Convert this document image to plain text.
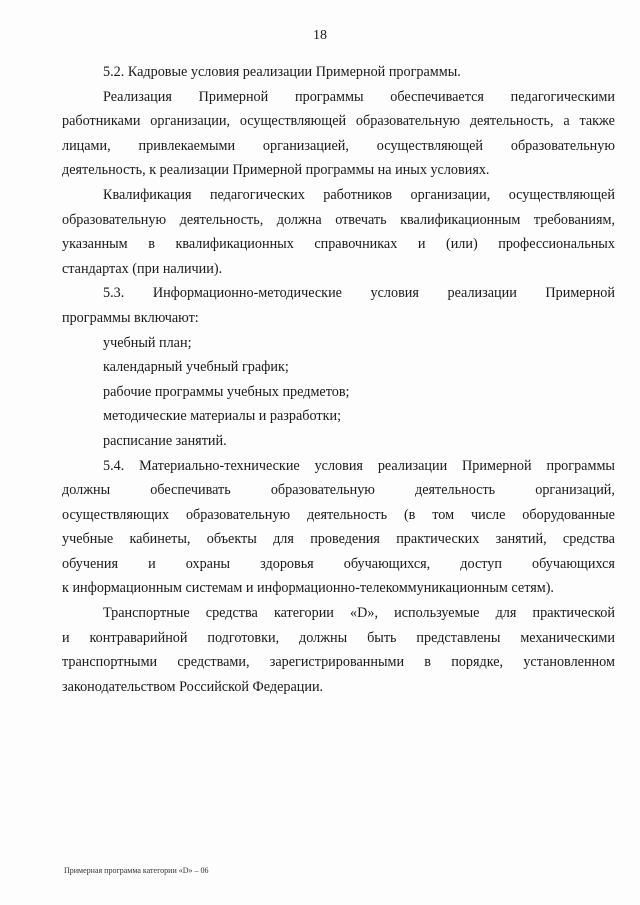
18
5.2. Кадровые условия реализации Примерной программы.
Реализация Примерной программы обеспечивается педагогическими
работниками организации, осуществляющей образовательную деятельность, а также
лицами, привлекаемыми организацией, осуществляющей образовательную
деятельность, к реализации Примерной программы на иных условиях.
Квалификация педагогических работников организации, осуществляющей
образовательную деятельность, должна отвечать квалификационным требованиям,
указанным в квалификационных справочниках и (или) профессиональных
стандартах (при наличии).
5.3. Информационно-методические условия реализации Примерной
программы включают:
учебный план;
календарный учебный график;
рабочие программы учебных предметов;
методические материалы и разработки;
расписание занятий.
5.4. Материально-технические условия реализации Примерной программы
должны	обеспечивать	образовательную	деятельность	организаций,
осуществляющих образовательную деятельность (в том числе оборудованные
учебные кабинеты, объекты для проведения практических занятий, средства
обучения и охраны здоровья обучающихся, доступ обучающихся
к информационным системам и информационно-телекоммуникационным сетям).
Транспортные средства категории «D», используемые для практической
и контраварийной подготовки, должны быть представлены механическими
транспортными средствами, зарегистрированными в порядке, установленном
законодательством Российской Федерации.
Примерная программа категории «D» – 06
